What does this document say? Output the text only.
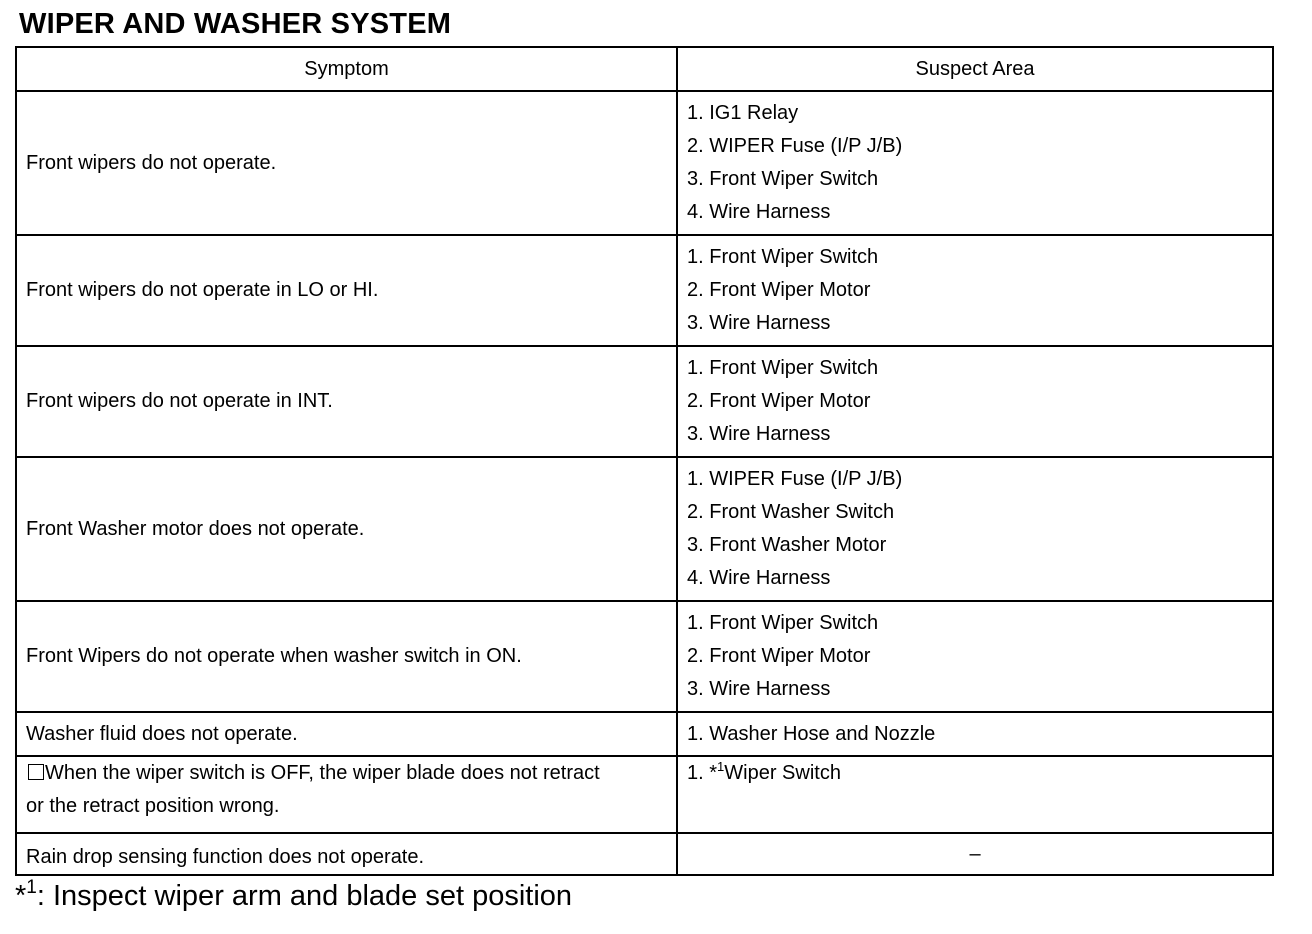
WIPER AND WASHER SYSTEM
Symptom	Suspect Area

Front wipers do not operate.	1. IG1 Relay
2. WIPER Fuse (I/P J/B)
3. Front Wiper Switch
4. Wire Harness

Front wipers do not operate in LO or HI.	1. Front Wiper Switch
2. Front Wiper Motor
3. Wire Harness

Front wipers do not operate in INT.	1. Front Wiper Switch
2. Front Wiper Motor
3. Wire Harness

Front Washer motor does not operate.	1. WIPER Fuse (I/P J/B)
2. Front Washer Switch
3. Front Washer Motor
4. Wire Harness

Front Wipers do not operate when washer switch in ON.	1. Front Wiper Switch
2. Front Wiper Motor
3. Wire Harness

Washer fluid does not operate.	1. Washer Hose and Nozzle

When the wiper switch is OFF, the wiper blade does not retract
or the retract position wrong.	1. *$^1$Wiper Switch

Rain drop sensing function does not operate.	–
*$^1$: Inspect wiper arm and blade set position
